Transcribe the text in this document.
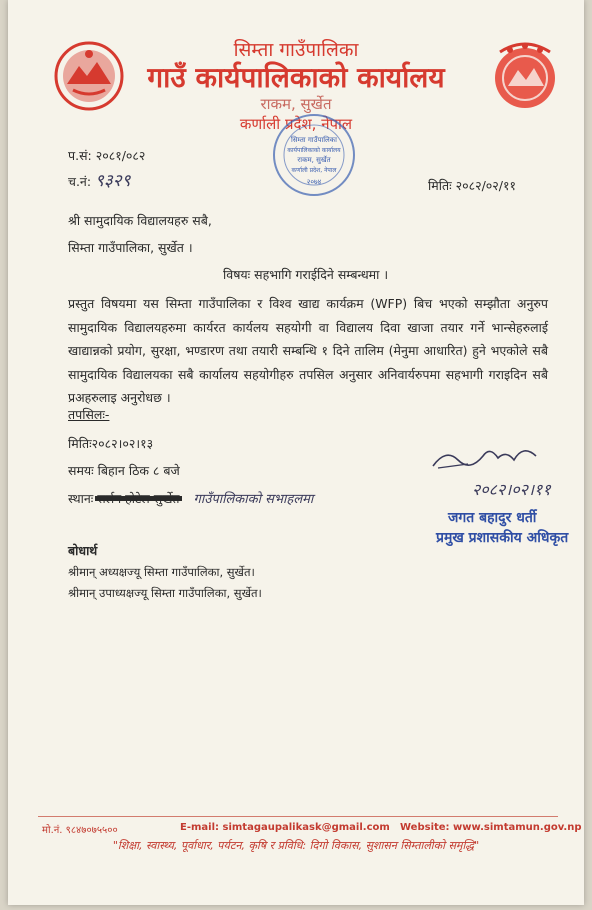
सिम्ता गाउँपालिका
गाउँ कार्यपालिकाको कार्यालय
राकम, सुर्खेत
कर्णाली प्रदेश, नेपाल
सिम्ता गाउँपालिका
कार्यपालिकाको कार्यालय
राकम, सुर्खेत
कर्णाली प्रदेश, नेपाल
२०७४
प.सं: २०८१/०८२
च.नं: ९३२९	मितिः २०८२/०२/११
श्री सामुदायिक विद्यालयहरु सबै,
सिम्ता गाउँपालिका, सुर्खेत ।
विषयः सहभागि गराईदिने सम्बन्धमा ।
प्रस्तुत विषयमा यस सिम्ता गाउँपालिका र विश्व खाद्य कार्यक्रम (WFP) बिच भएको सम्झौता अनुरुप सामुदायिक विद्यालयहरुमा कार्यरत कार्यलय सहयोगी वा विद्यालय दिवा खाजा तयार गर्ने भान्सेहरुलाई खाद्यान्नको प्रयोग, सुरक्षा, भण्डारण तथा तयारी सम्बन्धि १ दिने तालिम (मेनुमा आधारित) हुने भएकोले सबै सामुदायिक विद्यालयका सबै कार्यालय सहयोगीहरु तपसिल अनुसार अनिवार्यरुपमा सहभागी गराइदिन सबै प्रअहरुलाइ अनुरोधछ ।
तपसिलः-
मितिः२०८२।०२।१३
समयः बिहान ठिक ८ बजे
स्थानः	गाउँपालिकाको सभाहलमा
२०८२।०२।११
जगत बहादुर धर्ती
प्रमुख प्रशासकीय अधिकृत
बोधार्थ
श्रीमान् अध्यक्षज्यू सिम्ता गाउँपालिका, सुर्खेत।
श्रीमान् उपाध्यक्षज्यू सिम्ता गाउँपालिका, सुर्खेत।
मो.नं. ९८४७०७५५००	E-mail: simtagaupalikask@gmail.com Website: www.simtamun.gov.np
"शिक्षा, स्वास्थ्य, पूर्वाधार, पर्यटन, कृषि र प्रविधि: दिगो विकास, सुशासन सिम्तालीको समृद्धि"
